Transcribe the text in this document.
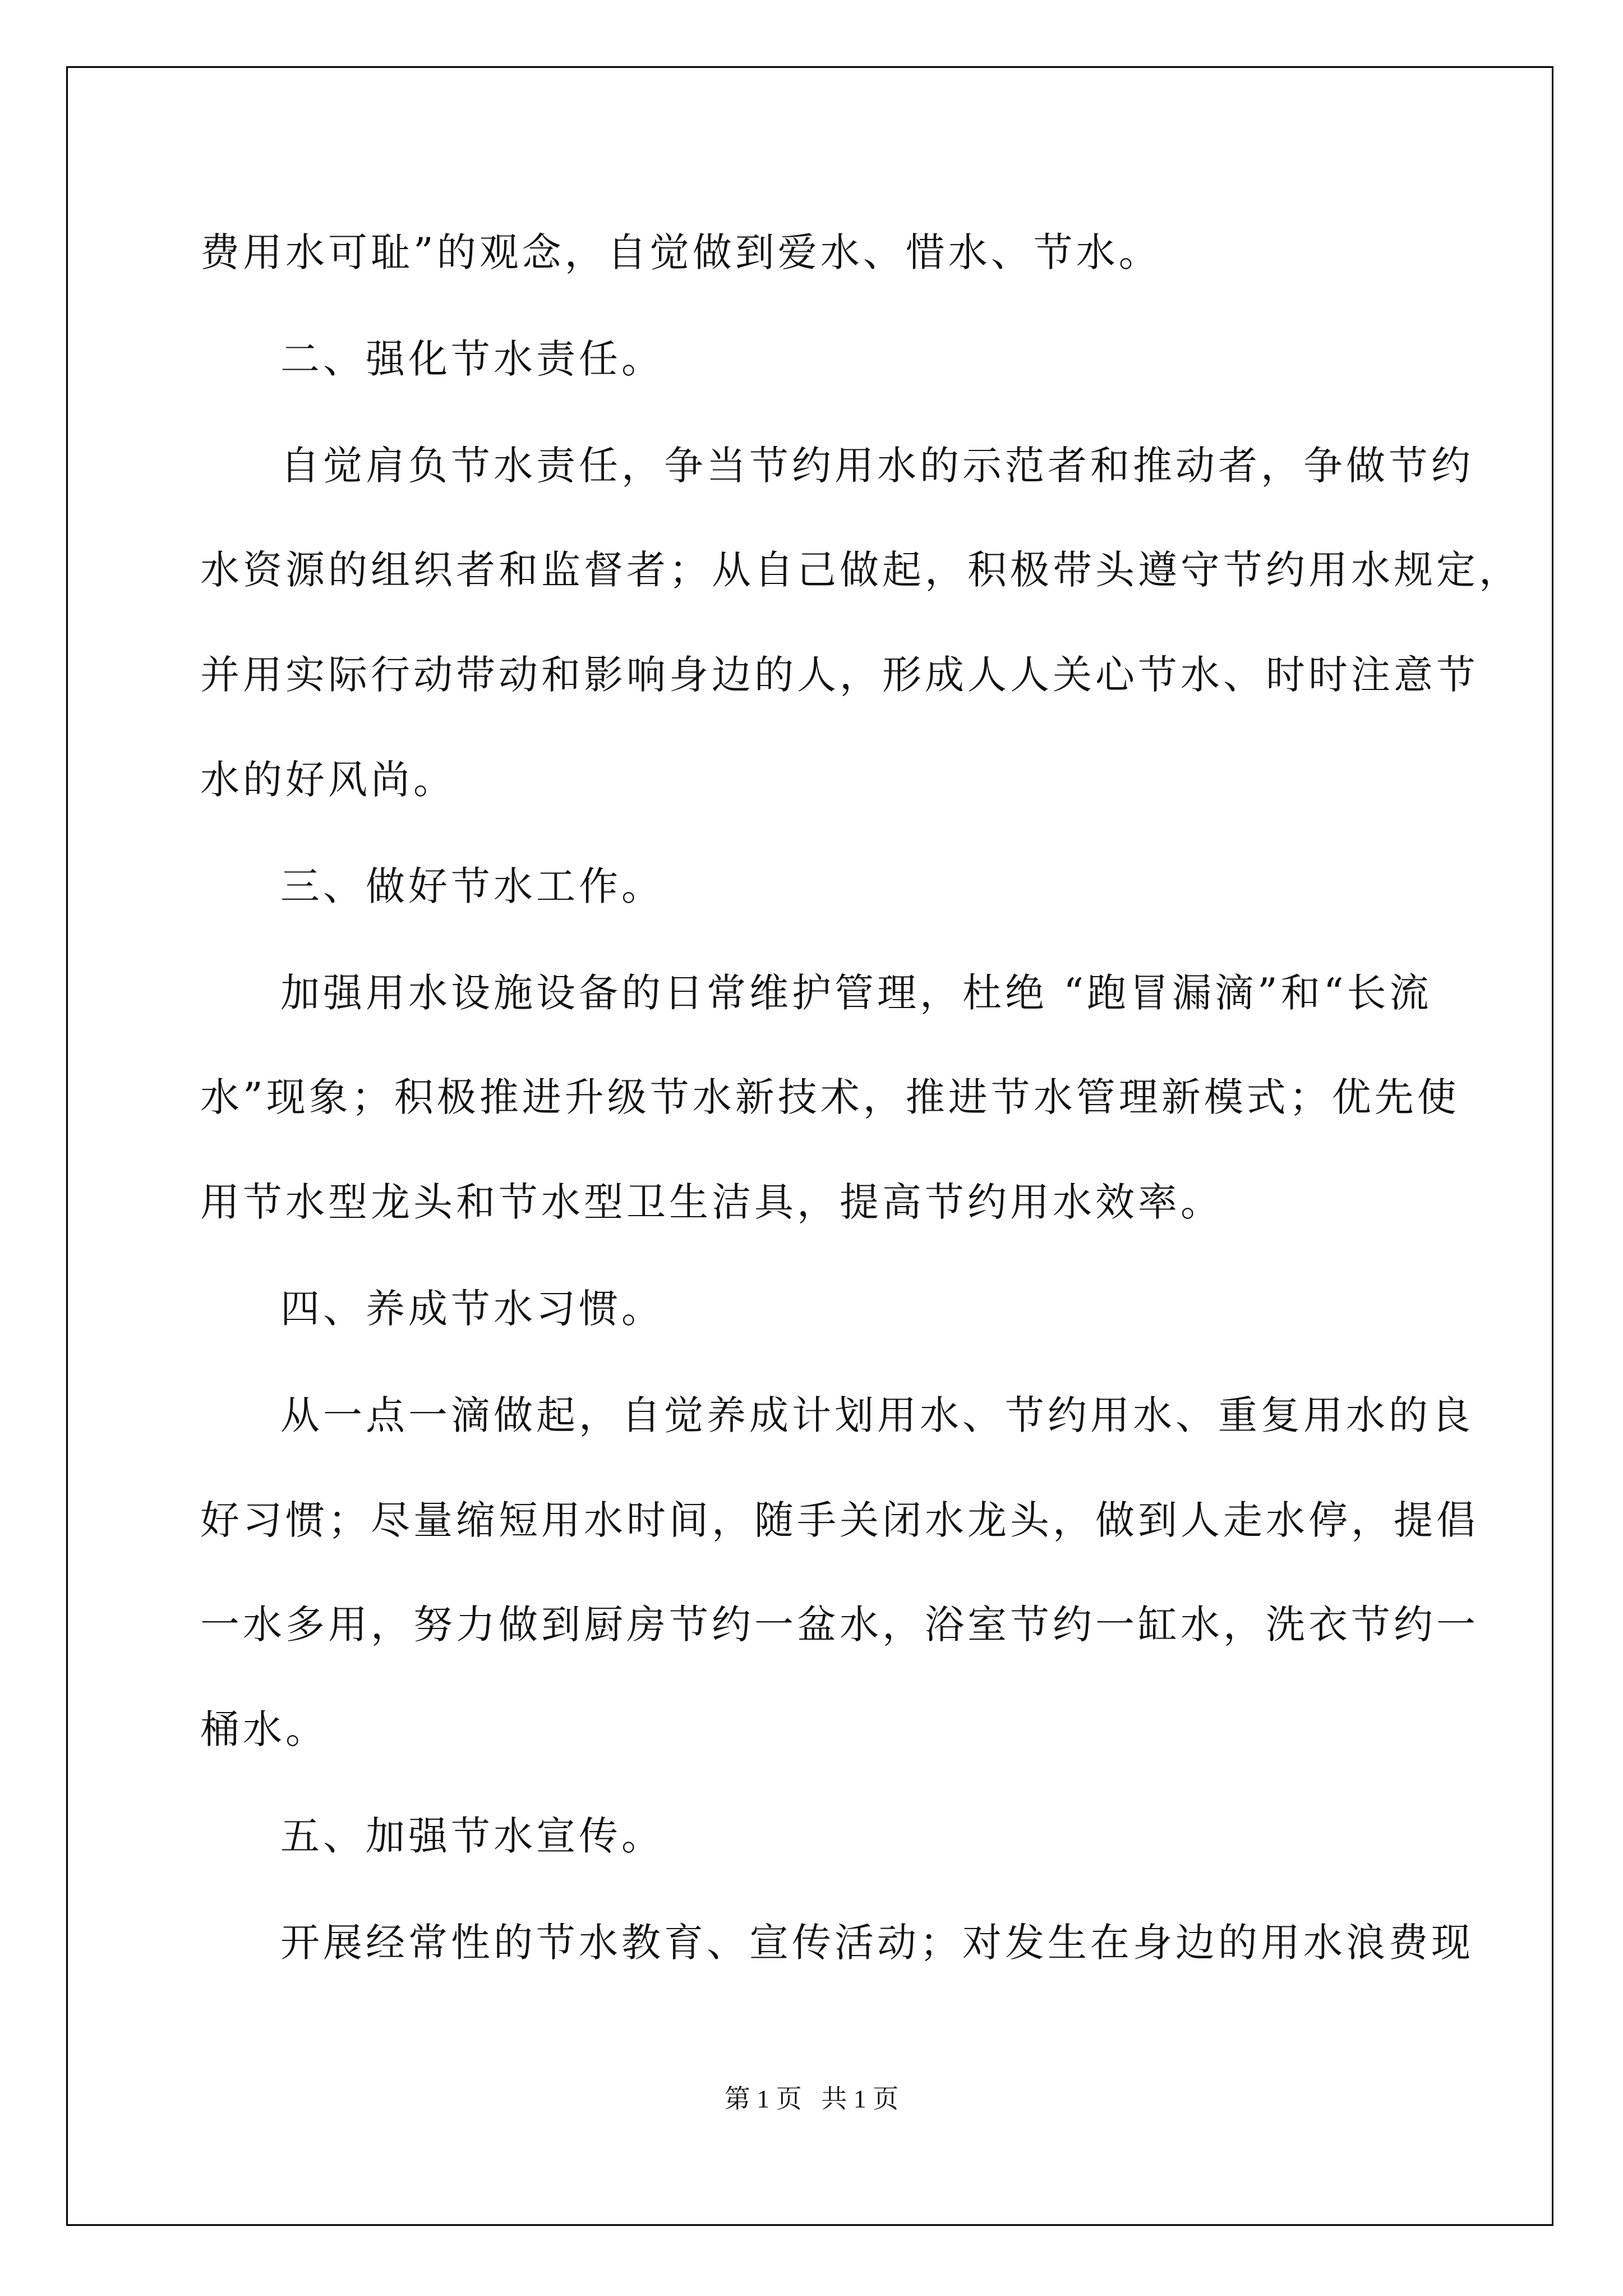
费用水可耻”的观念，自觉做到爱水、惜水、节水。
二、强化节水责任。
自觉肩负节水责任，争当节约用水的示范者和推动者，争做节约
水资源的组织者和监督者；从自己做起，积极带头遵守节约用水规定，
并用实际行动带动和影响身边的人，形成人人关心节水、时时注意节
水的好风尚。
三、做好节水工作。
加强用水设施设备的日常维护管理，杜绝 “跑冒漏滴”和“长流
水”现象；积极推进升级节水新技术，推进节水管理新模式；优先使
用节水型龙头和节水型卫生洁具，提高节约用水效率。
四、养成节水习惯。
从一点一滴做起，自觉养成计划用水、节约用水、重复用水的良
好习惯；尽量缩短用水时间，随手关闭水龙头，做到人走水停，提倡
一水多用，努力做到厨房节约一盆水，浴室节约一缸水，洗衣节约一
桶水。
五、加强节水宣传。
开展经常性的节水教育、宣传活动；对发生在身边的用水浪费现
第 1 页   共 1 页
